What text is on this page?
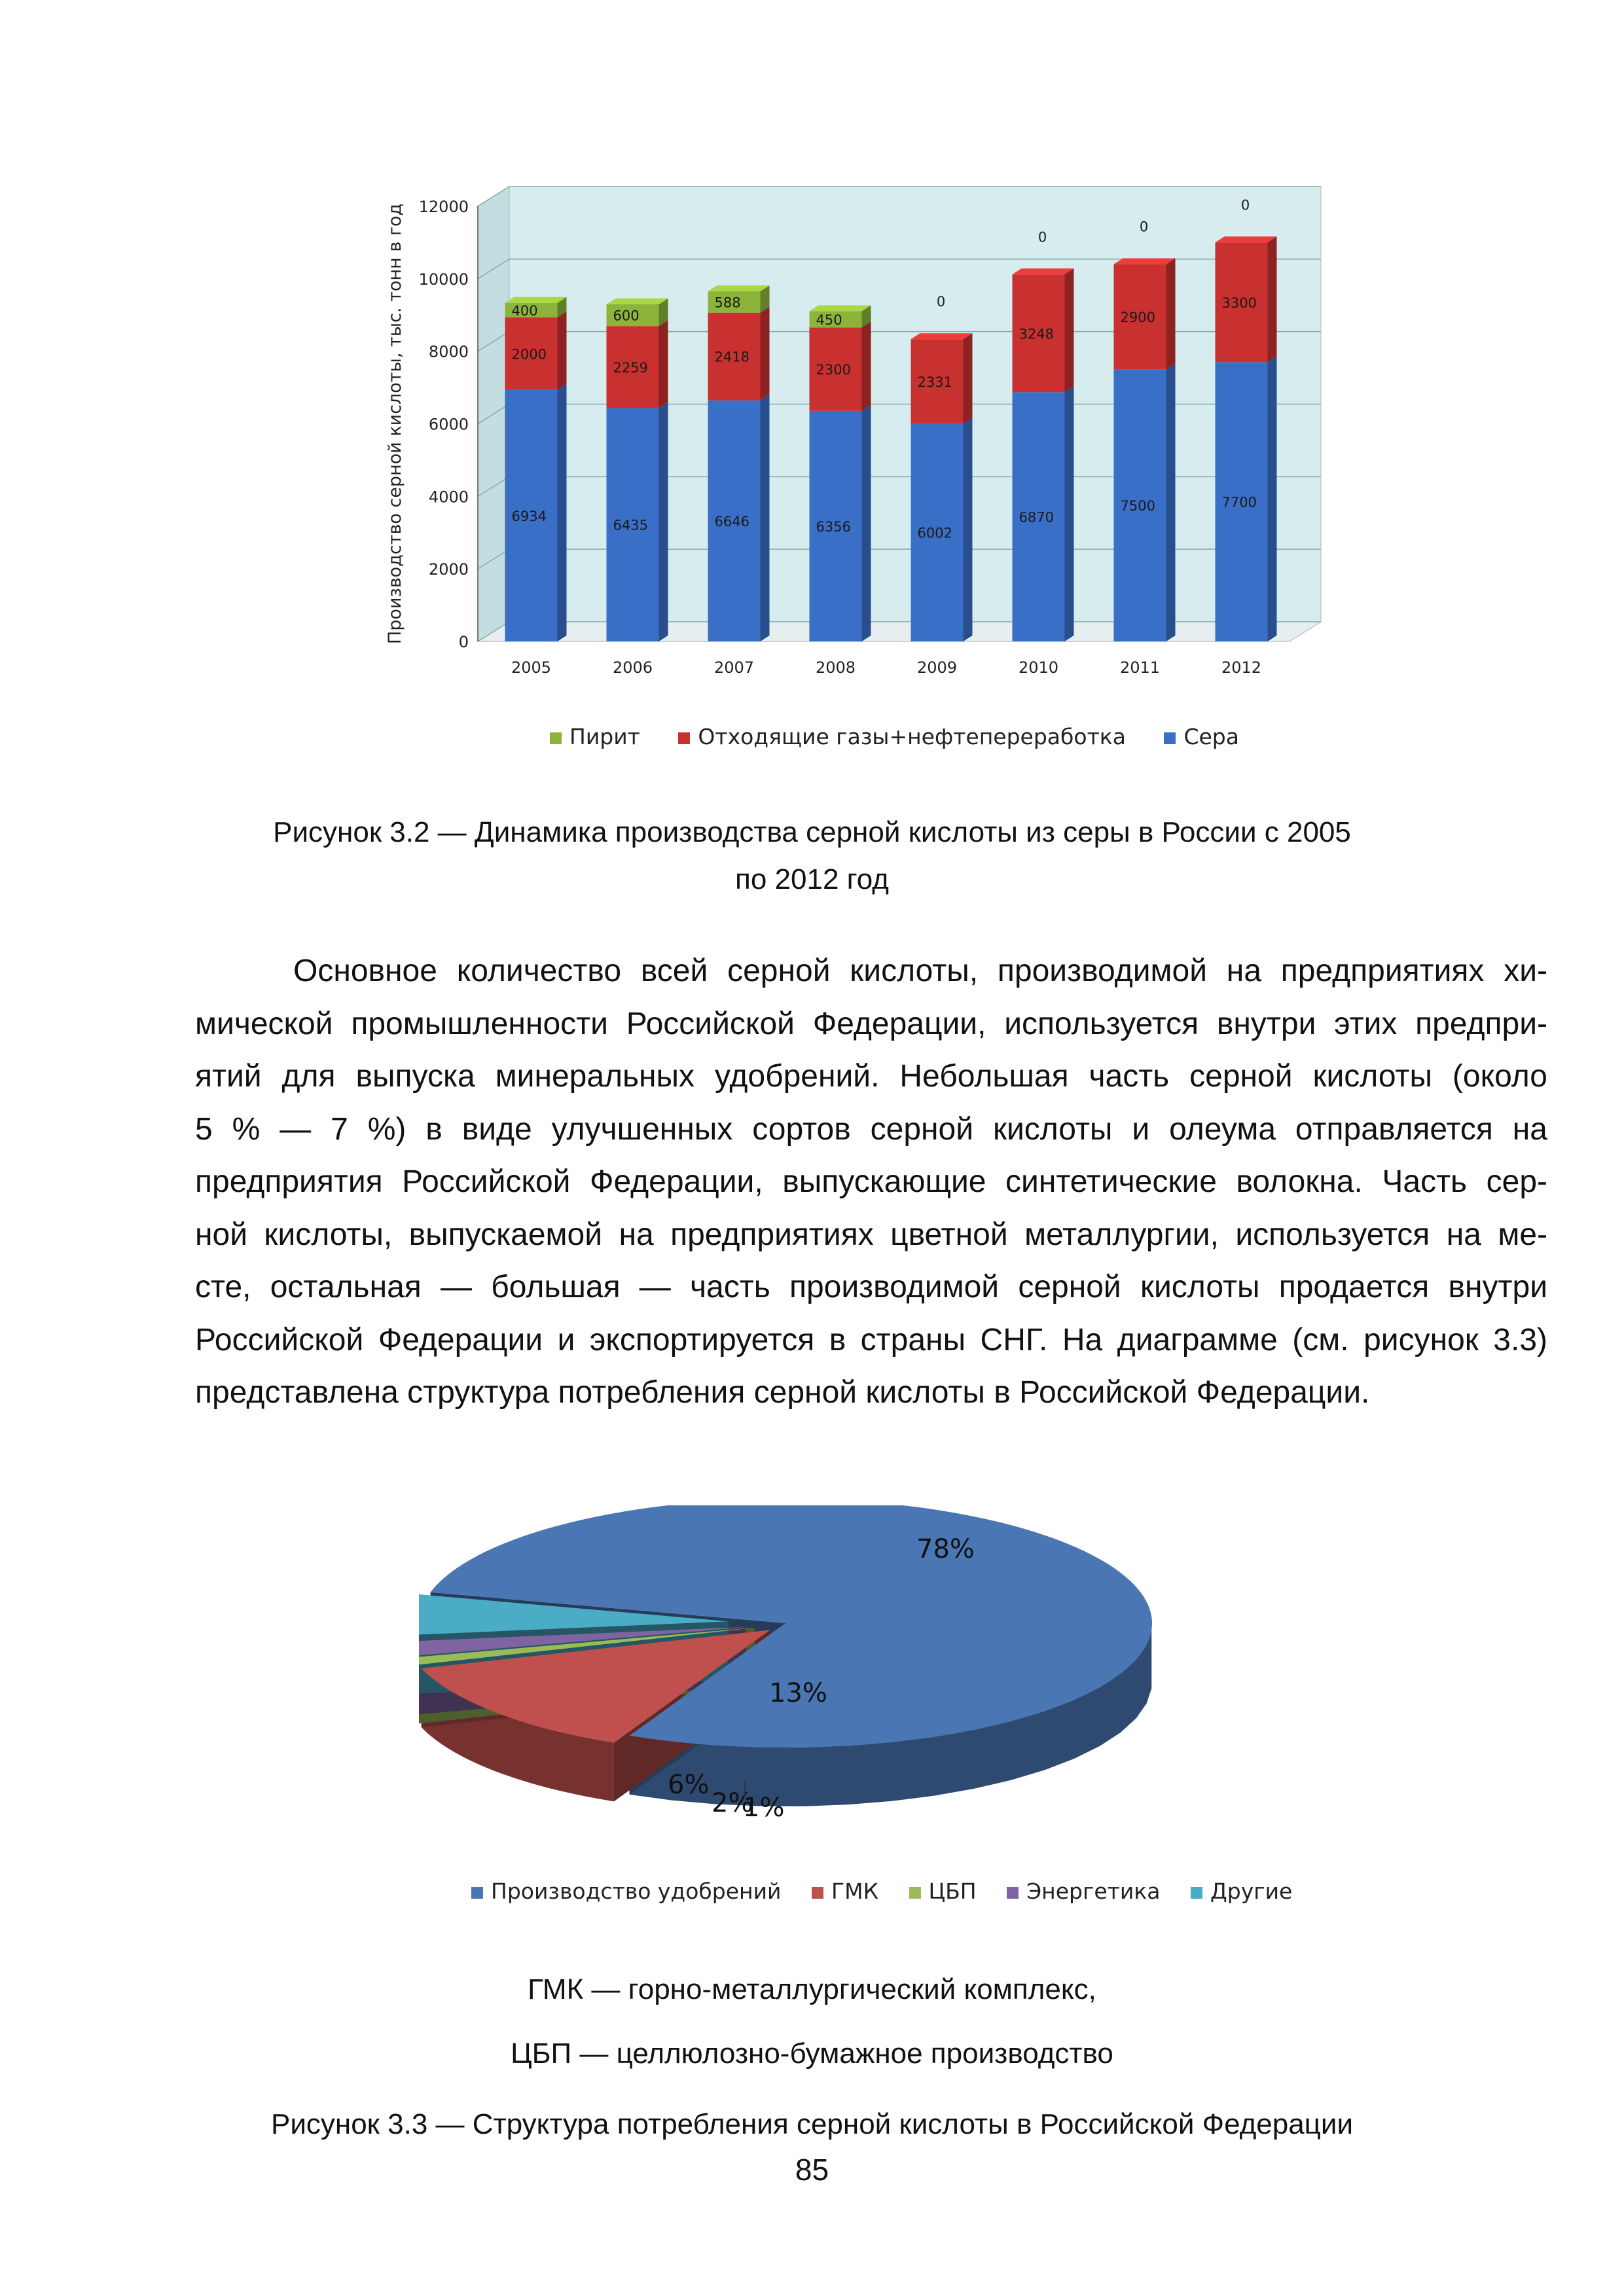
0
2000
4000
6000
8000
10000
12000
Производство серной кислоты, тыс. тонн в год	6934
2000
400
2005
6435
2259
600
2006
6646
2418
588
2007
6356
2300
450
2008
6002
2331
0
2009
6870
3248
0
2010
7500
2900
0
2011
7700
3300
0
2012
Пирит	Отходящие газы+нефтепереработка	Сера
Рисунок 3.2 — Динамика производства серной кислоты из серы в России с 2005
по 2012 год
Основное количество всей серной кислоты, производимой на предприятиях хи-
мической промышленности Российской Федерации, используется внутри этих предпри-
ятий для выпуска минеральных удобрений. Небольшая часть серной кислоты (около
5 % — 7 %) в виде улучшенных сортов серной кислоты и олеума отправляется на
предприятия Российской Федерации, выпускающие синтетические волокна. Часть сер-
ной кислоты, выпускаемой на предприятиях цветной металлургии, используется на ме-
сте, остальная — большая — часть производимой серной кислоты продается внутри
Российской Федерации и экспортируется в страны СНГ. На диаграмме (см. рисунок 3.3)
представлена структура потребления серной кислоты в Российской Федерации.
78%
13%
1%
2%
6%
Производство удобрений ГМК ЦБП Энергетика Другие
ГМК — горно-металлургический комплекс,
ЦБП — целлюлозно-бумажное производство
Рисунок 3.3 — Структура потребления серной кислоты в Российской Федерации
85
